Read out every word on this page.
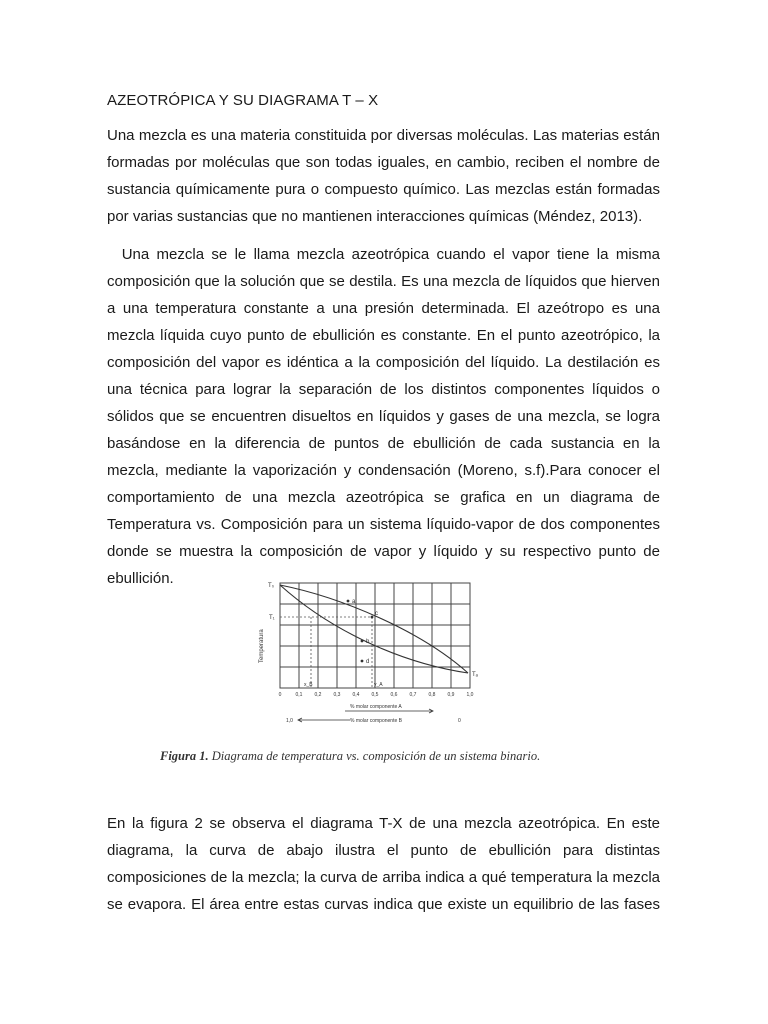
AZEOTRÓPICA Y SU DIAGRAMA T – X

Una mezcla es una materia constituida por diversas moléculas. Las materias están
formadas por moléculas que son todas iguales, en cambio, reciben el nombre de
sustancia químicamente pura o compuesto químico. Las mezclas están formadas
por varias sustancias que no mantienen interacciones químicas (Méndez, 2013).

Una mezcla se le llama mezcla azeotrópica cuando el vapor tiene la misma
composición que la solución que se destila. Es una mezcla de líquidos que hierven
a una temperatura constante a una presión determinada. El azeótropo es una
mezcla líquida cuyo punto de ebullición es constante. En el punto azeotrópico, la
composición del vapor es idéntica a la composición del líquido. La destilación es
una técnica para lograr la separación de los distintos componentes líquidos o
sólidos que se encuentren disueltos en líquidos y gases de una mezcla, se logra
basándose en la diferencia de puntos de ebullición de cada sustancia en la
mezcla, mediante la vaporización y condensación (Moreno, s.f).Para conocer el
comportamiento de una mezcla azeotrópica se grafica en un diagrama de
Temperatura vs. Composición para un sistema líquido-vapor de dos componentes
donde se muestra la composición de vapor y líquido y su respectivo punto de
ebullición.

a
c
b
d
x_B	y_A
T₀
T₁
Tₐ
Temperatura
0	0,1 0,2 0,3 0,4 0,5 0,6 0,7 0,8 0,9 1,0
% molar componente A
% molar componente B
1,0	0
Figura 1. Diagrama de temperatura vs. composición de un sistema binario.

En la figura 2 se observa el diagrama T-X de una mezcla azeotrópica. En este
diagrama, la curva de abajo ilustra el punto de ebullición para distintas
composiciones de la mezcla; la curva de arriba indica a qué temperatura la mezcla
se evapora. El área entre estas curvas indica que existe un equilibrio de las fases
